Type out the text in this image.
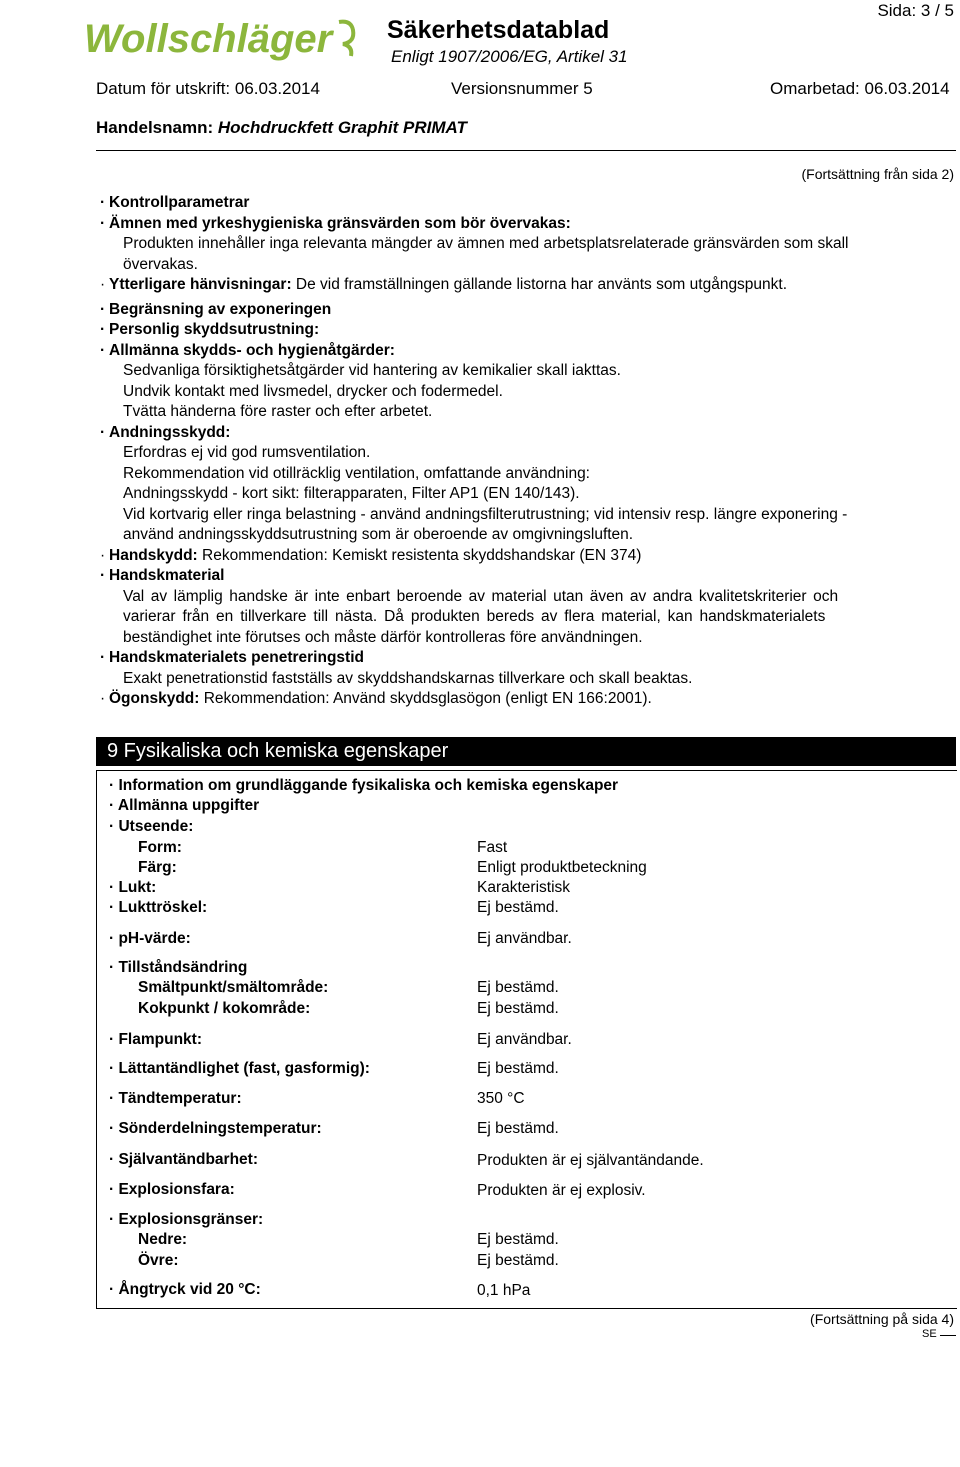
Wollschläger
Sida: 3 / 5
Säkerhetsdatablad
Enligt 1907/2006/EG, Artikel 31
Datum för utskrift: 06.03.2014	Versionsnummer 5	Omarbetad: 06.03.2014
Handelsnamn: Hochdruckfett Graphit PRIMAT
(Fortsättning från sida 2)
· Kontrollparametrar
· Ämnen med yrkeshygieniska gränsvärden som bör övervakas:
Produkten innehåller inga relevanta mängder av ämnen med arbetsplatsrelaterade gränsvärden som skall
övervakas.
· Ytterligare hänvisningar: De vid framställningen gällande listorna har använts som utgångspunkt.
· Begränsning av exponeringen
· Personlig skyddsutrustning:
· Allmänna skydds- och hygienåtgärder:
Sedvanliga försiktighetsåtgärder vid hantering av kemikalier skall iakttas.
Undvik kontakt med livsmedel, drycker och fodermedel.
Tvätta händerna före raster och efter arbetet.
· Andningsskydd:
Erfordras ej vid god rumsventilation.
Rekommendation vid otillräcklig ventilation, omfattande användning:
Andningsskydd - kort sikt: filterapparaten, Filter AP1 (EN 140/143).
Vid kortvarig eller ringa belastning - använd andningsfilterutrustning; vid intensiv resp. längre exponering -
använd andningsskyddsutrustning som är oberoende av omgivningsluften.
· Handskydd: Rekommendation: Kemiskt resistenta skyddshandskar (EN 374)
· Handskmaterial
Val av lämplig handske är inte enbart beroende av material utan även av andra kvalitetskriterier och
varierar från en tillverkare till nästa. Då produkten bereds av flera material, kan handskmaterialets
beständighet inte förutses och måste därför kontrolleras före användningen.
· Handskmaterialets penetreringstid
Exakt penetrationstid fastställs av skyddshandskarnas tillverkare och skall beaktas.
· Ögonskydd: Rekommendation: Använd skyddsglasögon (enligt EN 166:2001).
9 Fysikaliska och kemiska egenskaper
· Information om grundläggande fysikaliska och kemiska egenskaper
· Allmänna uppgifter
· Utseende:
Form:	Fast
Färg:	Enligt produktbeteckning
· Lukt:	Karakteristisk
· Lukttröskel:	Ej bestämd.
· pH-värde:	Ej användbar.
· Tillståndsändring
Smältpunkt/smältområde:	Ej bestämd.
Kokpunkt / kokområde:	Ej bestämd.
· Flampunkt:	Ej användbar.
· Lättantändlighet (fast, gasformig):	Ej bestämd.
· Tändtemperatur:	350 °C
· Sönderdelningstemperatur:	Ej bestämd.
· Självantändbarhet:	Produkten är ej självantändande.
· Explosionsfara:	Produkten är ej explosiv.
· Explosionsgränser:
Nedre:	Ej bestämd.
Övre:	Ej bestämd.
· Ångtryck vid 20 °C:	0,1 hPa
(Fortsättning på sida 4)
SE
